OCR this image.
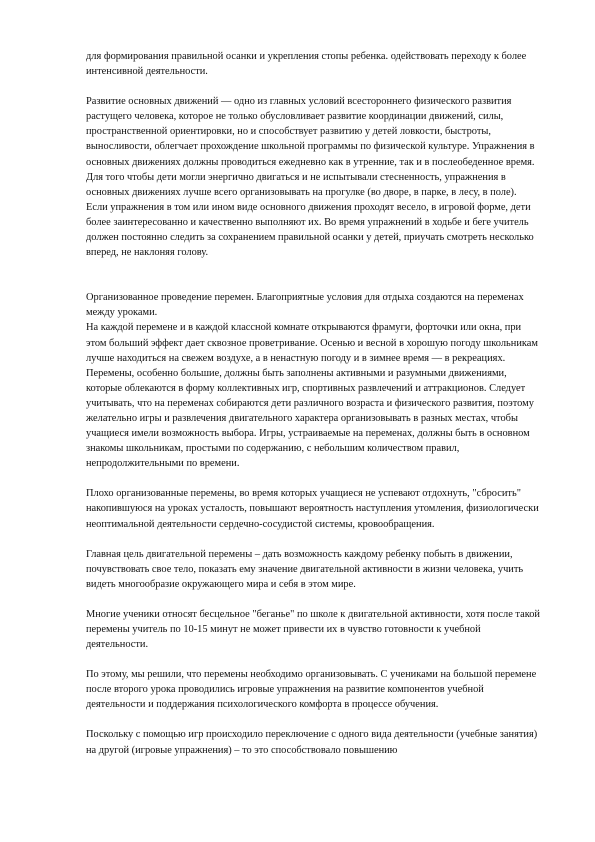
для формирования правильной осанки и укрепления стопы ребенка. одействовать переходу к более интенсивной деятельности.

Развитие основных движений — одно из главных условий всестороннего физического развития растущего человека, которое не только обусловливает развитие координации движений, силы, пространственной ориентировки, но и способствует развитию у детей ловкости, быстроты, выносливости, облегчает прохождение школьной программы по физической культуре. Упражнения в основных движениях должны проводиться ежедневно как в утренние, так и в послеобеденное время. Для того чтобы дети могли энергично двигаться и не испытывали стесненность, упражнения в основных движениях лучше всего организовывать на прогулке (во дворе, в парке, в лесу, в поле).

Если упражнения в том или ином виде основного движения проходят весело, в игровой форме, дети более заинтересованно и качественно выполняют их. Во время упражнений в ходьбе и беге учитель должен постоянно следить за сохранением правильной осанки у детей, приучать смотреть несколько вперед, не наклоняя голову.

Организованное проведение перемен. Благоприятные условия для отдыха создаются на переменах между уроками.

На каждой перемене и в каждой классной комнате открываются фрамуги, форточки или окна, при этом больший эффект дает сквозное проветривание. Осенью и весной в хорошую погоду школьникам лучше находиться на свежем воздухе, а в ненастную погоду и в зимнее время — в рекреациях.

Перемены, особенно большие, должны быть заполнены активными и разумными движениями, которые облекаются в форму коллективных игр, спортивных развлечений и аттракционов. Следует учитывать, что на переменах собираются дети различного возраста и физического развития, поэтому желательно игры и развлечения двигательного характера организовывать в разных местах, чтобы учащиеся имели возможность выбора. Игры, устраиваемые на переменах, должны быть в основном знакомы школьникам, простыми по содержанию, с небольшим количеством правил, непродолжительными по времени.

Плохо организованные перемены, во время которых учащиеся не успевают отдохнуть, "сбросить" накопившуюся на уроках усталость, повышают вероятность наступления утомления, физиологически неоптимальной деятельности сердечно-сосудистой системы, кровообращения.

Главная цель двигательной перемены – дать возможность каждому ребенку побыть в движении, почувствовать свое тело, показать ему значение двигательной активности в жизни человека, учить видеть многообразие окружающего мира и себя в этом мире.

Многие ученики относят бесцельное "беганье" по школе к двигательной активности, хотя после такой перемены учитель по 10-15 минут не может привести их в чувство готовности к учебной деятельности.

По этому, мы решили, что перемены необходимо организовывать. С учениками на большой перемене после второго урока проводились игровые упражнения на развитие компонентов учебной деятельности и поддержания психологического комфорта в процессе обучения.

Поскольку с помощью игр происходило переключение с одного вида деятельности (учебные занятия) на другой (игровые упражнения) – то это способствовало повышению
